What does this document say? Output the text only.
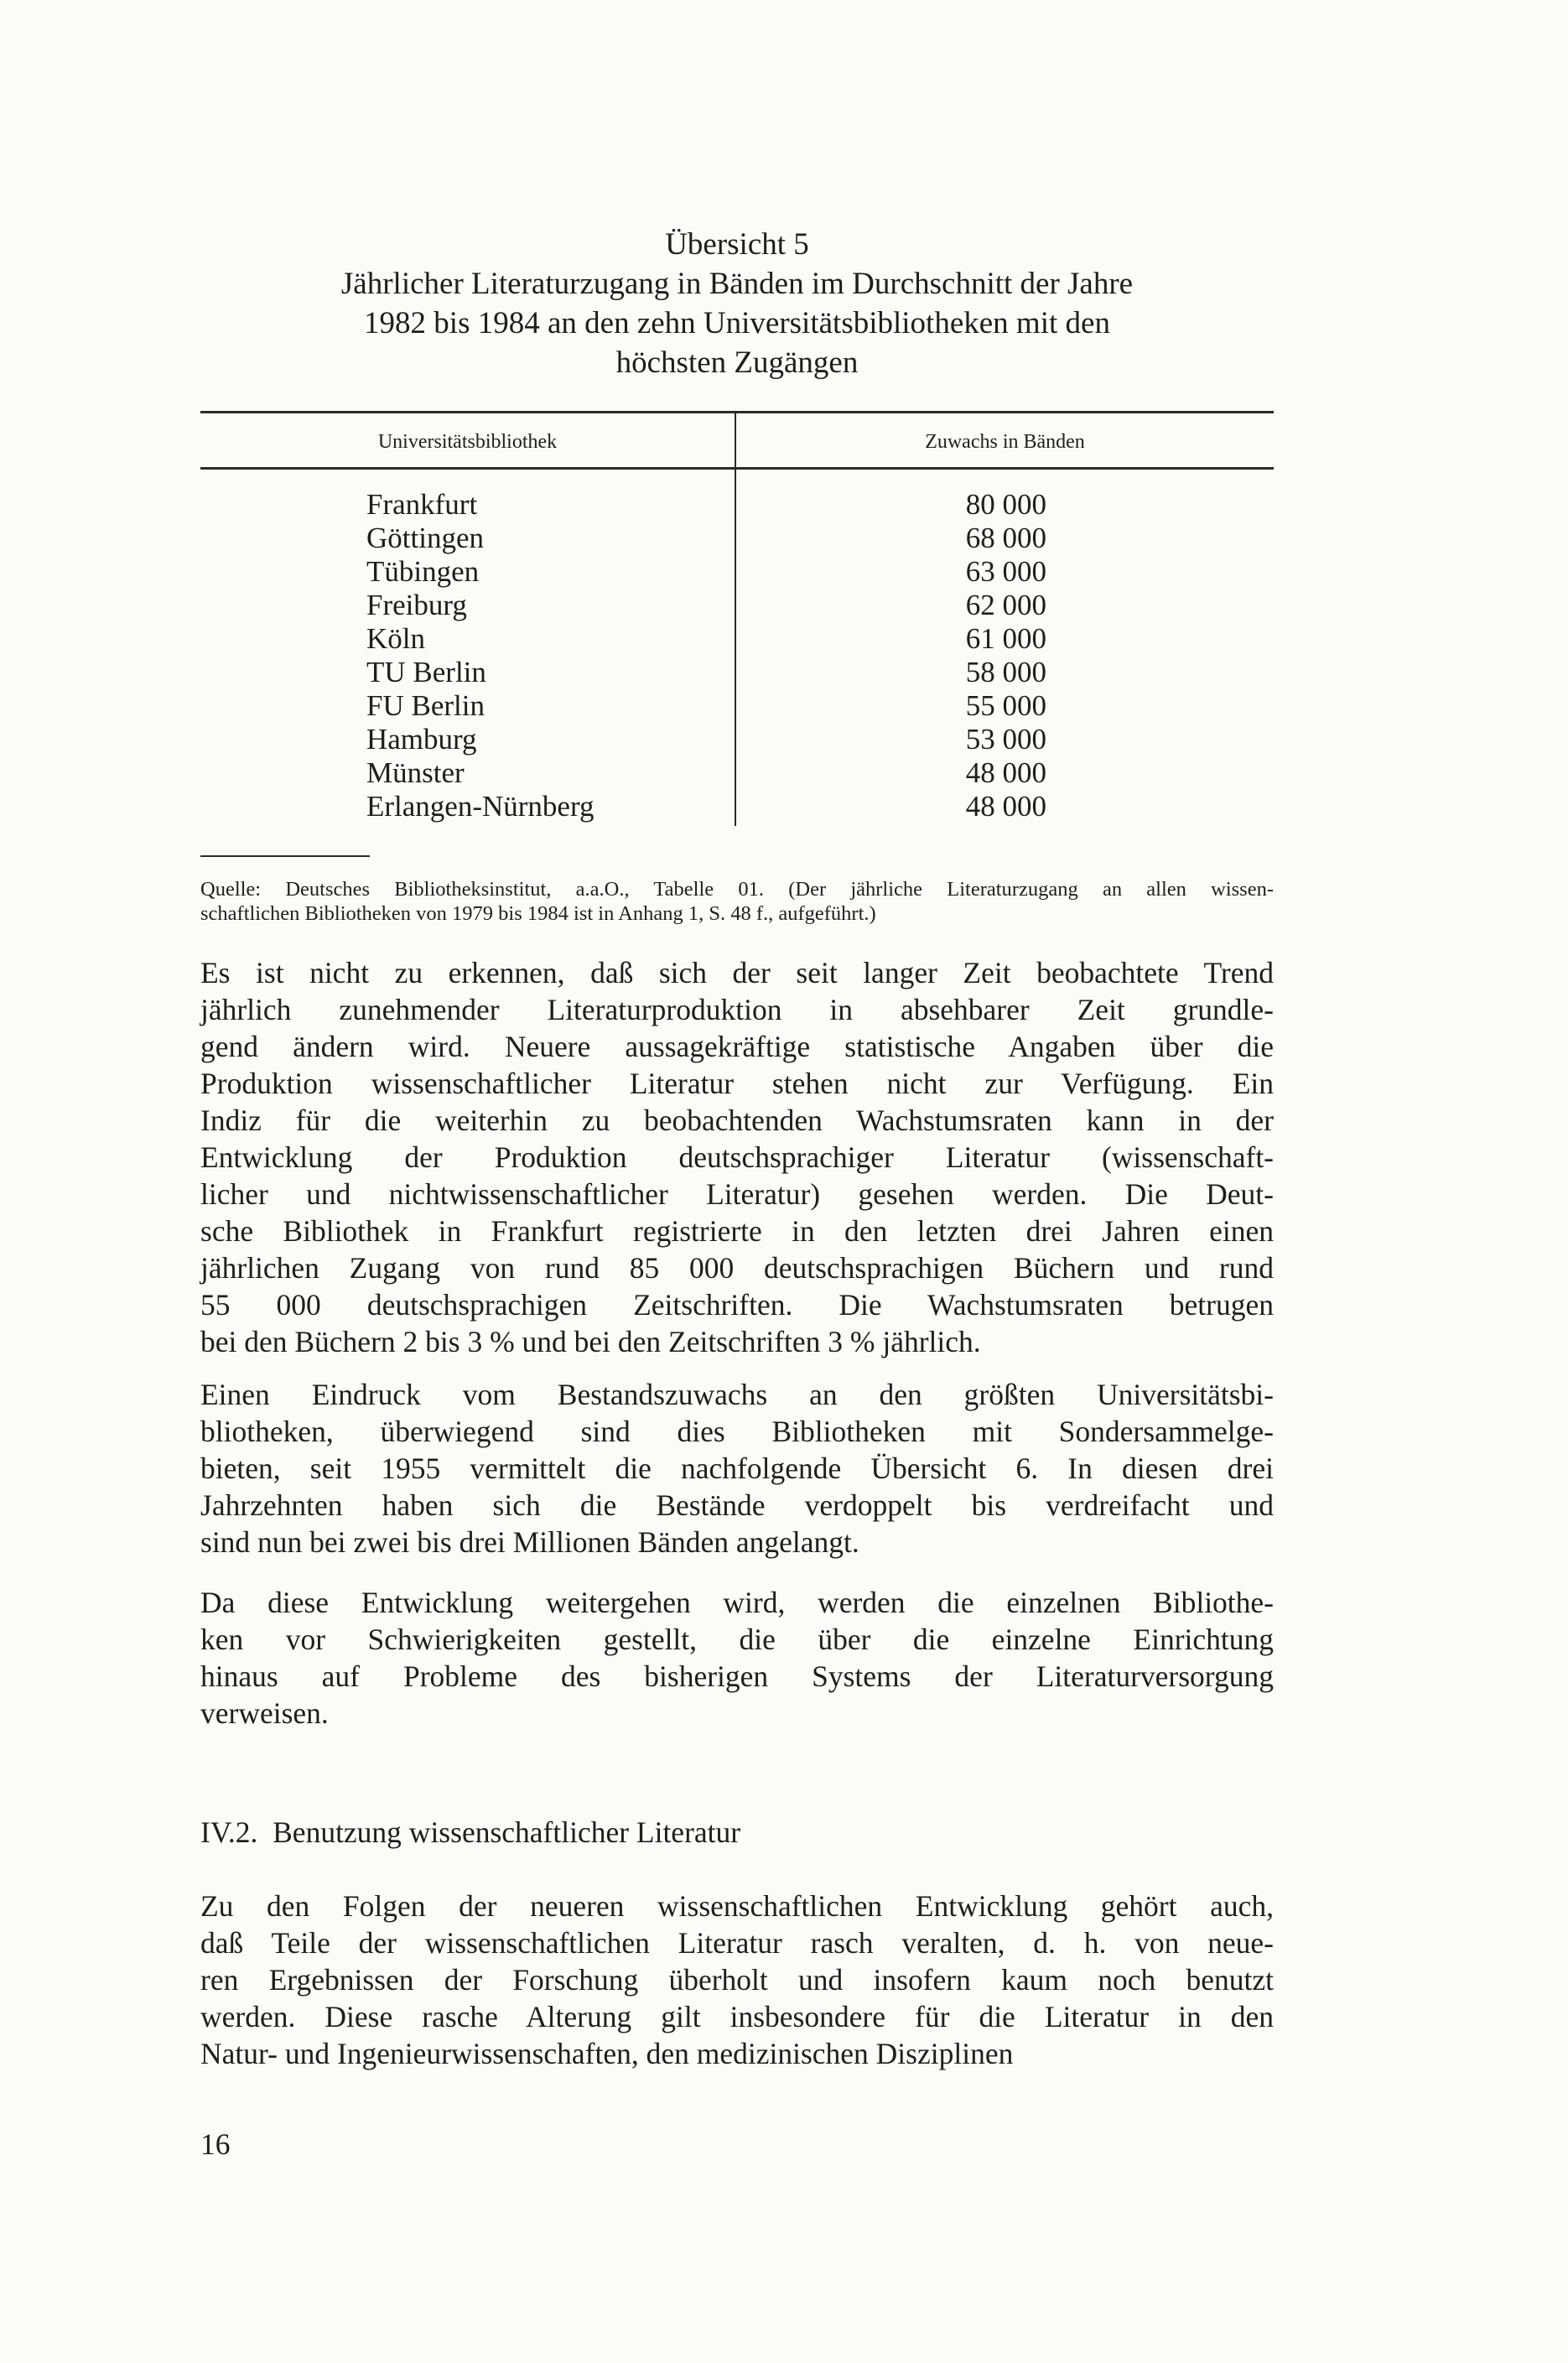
Übersicht 5
Jährlicher Literaturzugang in Bänden im Durchschnitt der Jahre
1982 bis 1984 an den zehn Universitätsbibliotheken mit den
höchsten Zugängen
Universitätsbibliothek	Zuwachs in Bänden
Frankfurt	80 000
Göttingen	68 000
Tübingen	63 000
Freiburg	62 000
Köln	61 000
TU Berlin	58 000
FU Berlin	55 000
Hamburg	53 000
Münster	48 000
Erlangen-Nürnberg	48 000
Quelle: Deutsches Bibliotheksinstitut, a.a.O., Tabelle 01. (Der jährliche Literaturzugang an allen wissen-
schaftlichen Bibliotheken von 1979 bis 1984 ist in Anhang 1, S. 48 f., aufgeführt.)
Es ist nicht zu erkennen, daß sich der seit langer Zeit beobachtete Trend
jährlich zunehmender Literaturproduktion in absehbarer Zeit grundle-
gend ändern wird. Neuere aussagekräftige statistische Angaben über die
Produktion wissenschaftlicher Literatur stehen nicht zur Verfügung. Ein
Indiz für die weiterhin zu beobachtenden Wachstumsraten kann in der
Entwicklung der Produktion deutschsprachiger Literatur (wissenschaft-
licher und nichtwissenschaftlicher Literatur) gesehen werden. Die Deut-
sche Bibliothek in Frankfurt registrierte in den letzten drei Jahren einen
jährlichen Zugang von rund 85 000 deutschsprachigen Büchern und rund
55 000 deutschsprachigen Zeitschriften. Die Wachstumsraten betrugen
bei den Büchern 2 bis 3 % und bei den Zeitschriften 3 % jährlich.
Einen Eindruck vom Bestandszuwachs an den größten Universitätsbi-
bliotheken, überwiegend sind dies Bibliotheken mit Sondersammelge-
bieten, seit 1955 vermittelt die nachfolgende Übersicht 6. In diesen drei
Jahrzehnten haben sich die Bestände verdoppelt bis verdreifacht und
sind nun bei zwei bis drei Millionen Bänden angelangt.
Da diese Entwicklung weitergehen wird, werden die einzelnen Bibliothe-
ken vor Schwierigkeiten gestellt, die über die einzelne Einrichtung
hinaus auf Probleme des bisherigen Systems der Literaturversorgung
verweisen.
IV.2.  Benutzung wissenschaftlicher Literatur
Zu den Folgen der neueren wissenschaftlichen Entwicklung gehört auch,
daß Teile der wissenschaftlichen Literatur rasch veralten, d. h. von neue-
ren Ergebnissen der Forschung überholt und insofern kaum noch benutzt
werden. Diese rasche Alterung gilt insbesondere für die Literatur in den
Natur- und Ingenieurwissenschaften, den medizinischen Disziplinen
16
